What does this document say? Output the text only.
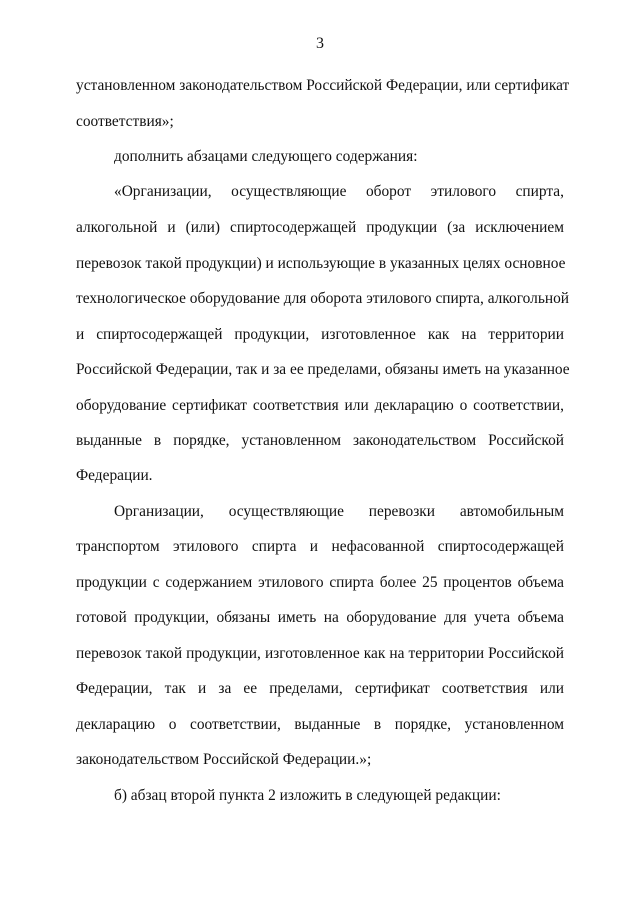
3
установленном законодательством Российской Федерации, или сертификат
соответствия»;
дополнить абзацами следующего содержания:
«Организации, осуществляющие оборот этилового спирта,
алкогольной и (или) спиртосодержащей продукции (за исключением
перевозок такой продукции) и использующие в указанных целях основное
технологическое оборудование для оборота этилового спирта, алкогольной
и спиртосодержащей продукции, изготовленное как на территории
Российской Федерации, так и за ее пределами, обязаны иметь на указанное
оборудование сертификат соответствия или декларацию о соответствии,
выданные в порядке, установленном законодательством Российской
Федерации.
Организации, осуществляющие перевозки автомобильным
транспортом этилового спирта и нефасованной спиртосодержащей
продукции с содержанием этилового спирта более 25 процентов объема
готовой продукции, обязаны иметь на оборудование для учета объема
перевозок такой продукции, изготовленное как на территории Российской
Федерации, так и за ее пределами, сертификат соответствия или
декларацию о соответствии, выданные в порядке, установленном
законодательством Российской Федерации.»;
б) абзац второй пункта 2 изложить в следующей редакции:
